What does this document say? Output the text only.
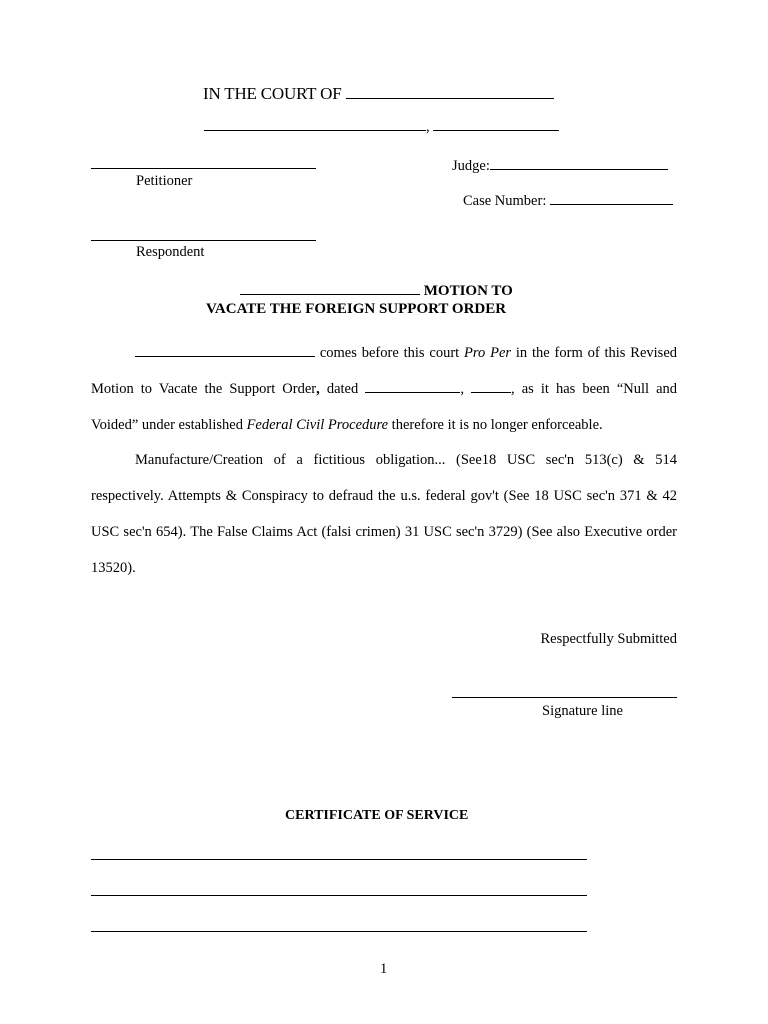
IN THE COURT OF
,
Petitioner
Judge:
Case Number:
Respondent
MOTION TO
VACATE THE FOREIGN SUPPORT ORDER
comes before this court Pro Per in the form of this Revised Motion to Vacate the Support Order, dated	,	, as it has been “Null and Voided” under established Federal Civil Procedure therefore it is no longer enforceable.
Manufacture/Creation of a fictitious obligation... (See18 USC sec'n 513(c) & 514 respectively. Attempts & Conspiracy to defraud the u.s. federal gov't (See 18 USC sec'n 371 & 42 USC sec'n 654). The False Claims Act (falsi crimen) 31 USC sec'n 3729) (See also Executive order 13520).
Respectfully Submitted
Signature line
CERTIFICATE OF SERVICE
1
